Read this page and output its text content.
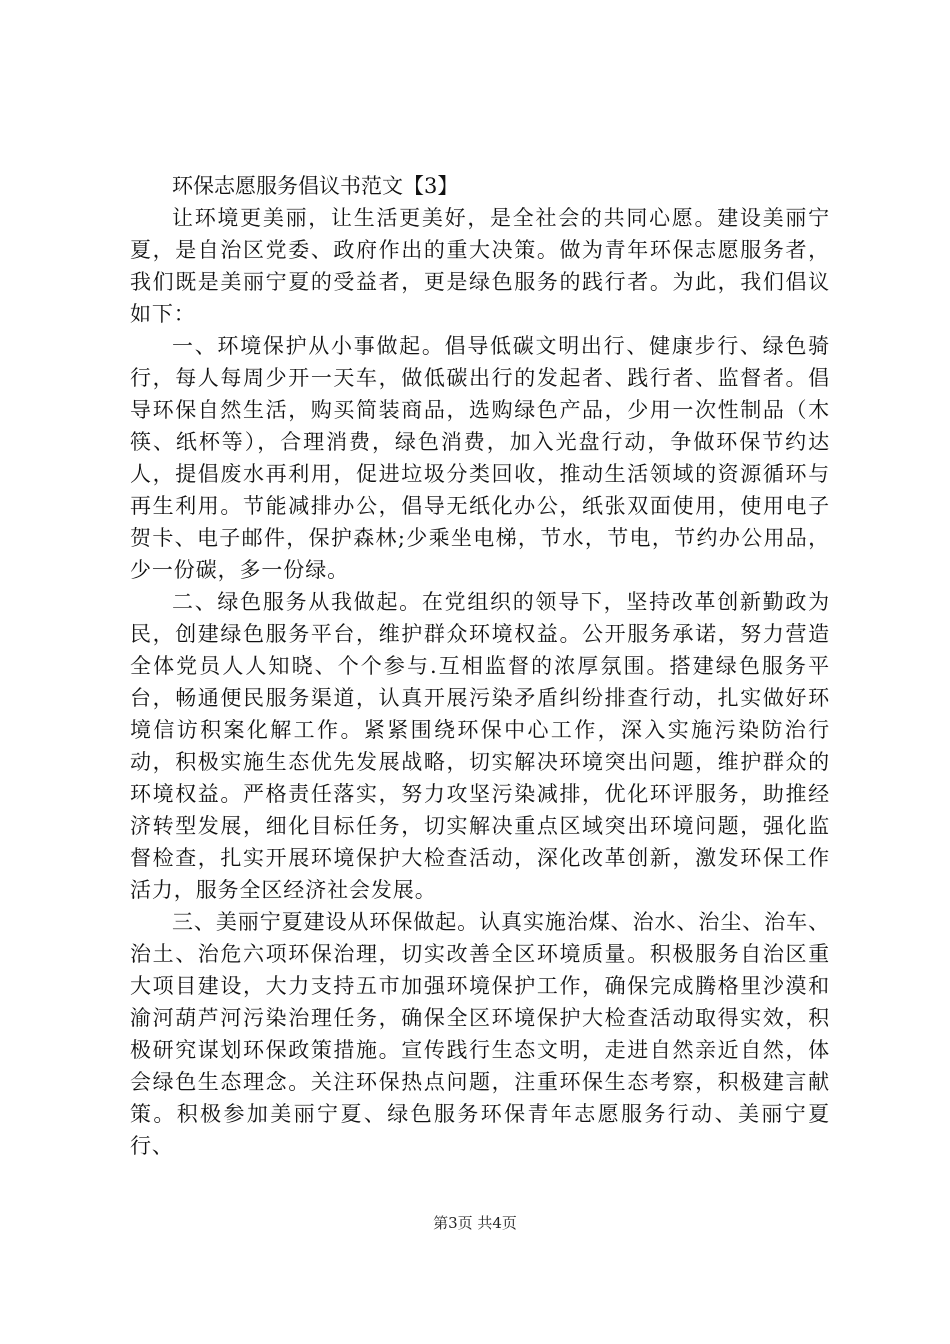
环保志愿服务倡议书范文【3】

让环境更美丽，让生活更美好，是全社会的共同心愿。建设美丽宁夏，是自治区党委、政府作出的重大决策。做为青年环保志愿服务者，我们既是美丽宁夏的受益者，更是绿色服务的践行者。为此，我们倡议如下：

一、环境保护从小事做起。倡导低碳文明出行、健康步行、绿色骑行，每人每周少开一天车，做低碳出行的发起者、践行者、监督者。倡导环保自然生活，购买简装商品，选购绿色产品，少用一次性制品（木筷、纸杯等），合理消费，绿色消费，加入光盘行动，争做环保节约达人，提倡废水再利用，促进垃圾分类回收，推动生活领域的资源循环与再生利用。节能减排办公，倡导无纸化办公，纸张双面使用，使用电子贺卡、电子邮件，保护森林;少乘坐电梯，节水，节电，节约办公用品，少一份碳，多一份绿。

二、绿色服务从我做起。在党组织的领导下，坚持改革创新勤政为民，创建绿色服务平台，维护群众环境权益。公开服务承诺，努力营造全体党员人人知晓、个个参与.互相监督的浓厚氛围。搭建绿色服务平台，畅通便民服务渠道，认真开展污染矛盾纠纷排查行动，扎实做好环境信访积案化解工作。紧紧围绕环保中心工作，深入实施污染防治行动，积极实施生态优先发展战略，切实解决环境突出问题，维护群众的环境权益。严格责任落实，努力攻坚污染减排，优化环评服务，助推经济转型发展，细化目标任务，切实解决重点区域突出环境问题，强化监督检查，扎实开展环境保护大检查活动，深化改革创新，激发环保工作活力，服务全区经济社会发展。

三、美丽宁夏建设从环保做起。认真实施治煤、治水、治尘、治车、治土、治危六项环保治理，切实改善全区环境质量。积极服务自治区重大项目建设，大力支持五市加强环境保护工作，确保完成腾格里沙漠和渝河葫芦河污染治理任务，确保全区环境保护大检查活动取得实效，积极研究谋划环保政策措施。宣传践行生态文明，走进自然亲近自然，体会绿色生态理念。关注环保热点问题，注重环保生态考察，积极建言献策。积极参加美丽宁夏、绿色服务环保青年志愿服务行动、美丽宁夏行、

第3页 共4页
